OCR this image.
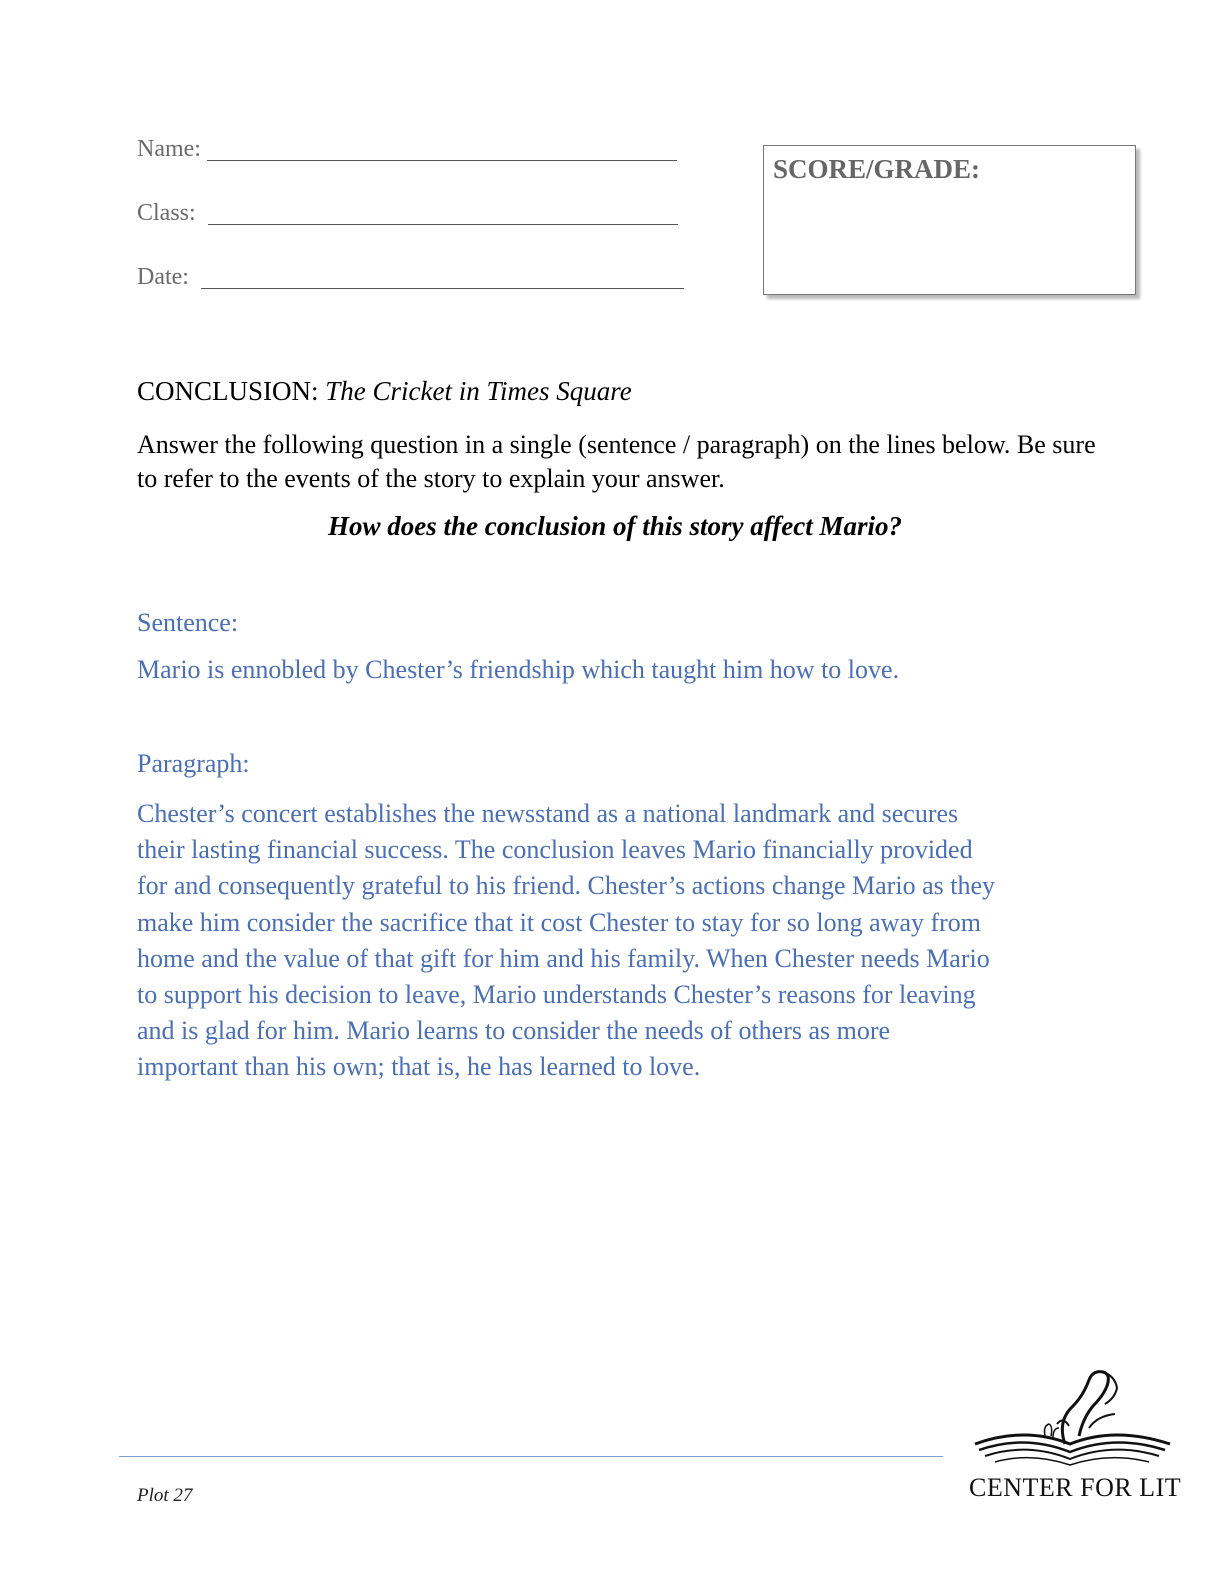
Name:
Class:
Date:
SCORE/GRADE:
CONCLUSION: The Cricket in Times Square
Answer the following question in a single (sentence / paragraph) on the lines below. Be sure to refer to the events of the story to explain your answer.
How does the conclusion of this story affect Mario?
Sentence:
Mario is ennobled by Chester’s friendship which taught him how to love.
Paragraph:
Chester’s concert establishes the newsstand as a national landmark and secures
their lasting financial success. The conclusion leaves Mario financially provided
for and consequently grateful to his friend. Chester’s actions change Mario as they
make him consider the sacrifice that it cost Chester to stay for so long away from
home and the value of that gift for him and his family. When Chester needs Mario
to support his decision to leave, Mario understands Chester’s reasons for leaving
and is glad for him. Mario learns to consider the needs of others as more
important than his own; that is, he has learned to love.
Plot 27	CENTER FOR LIT
